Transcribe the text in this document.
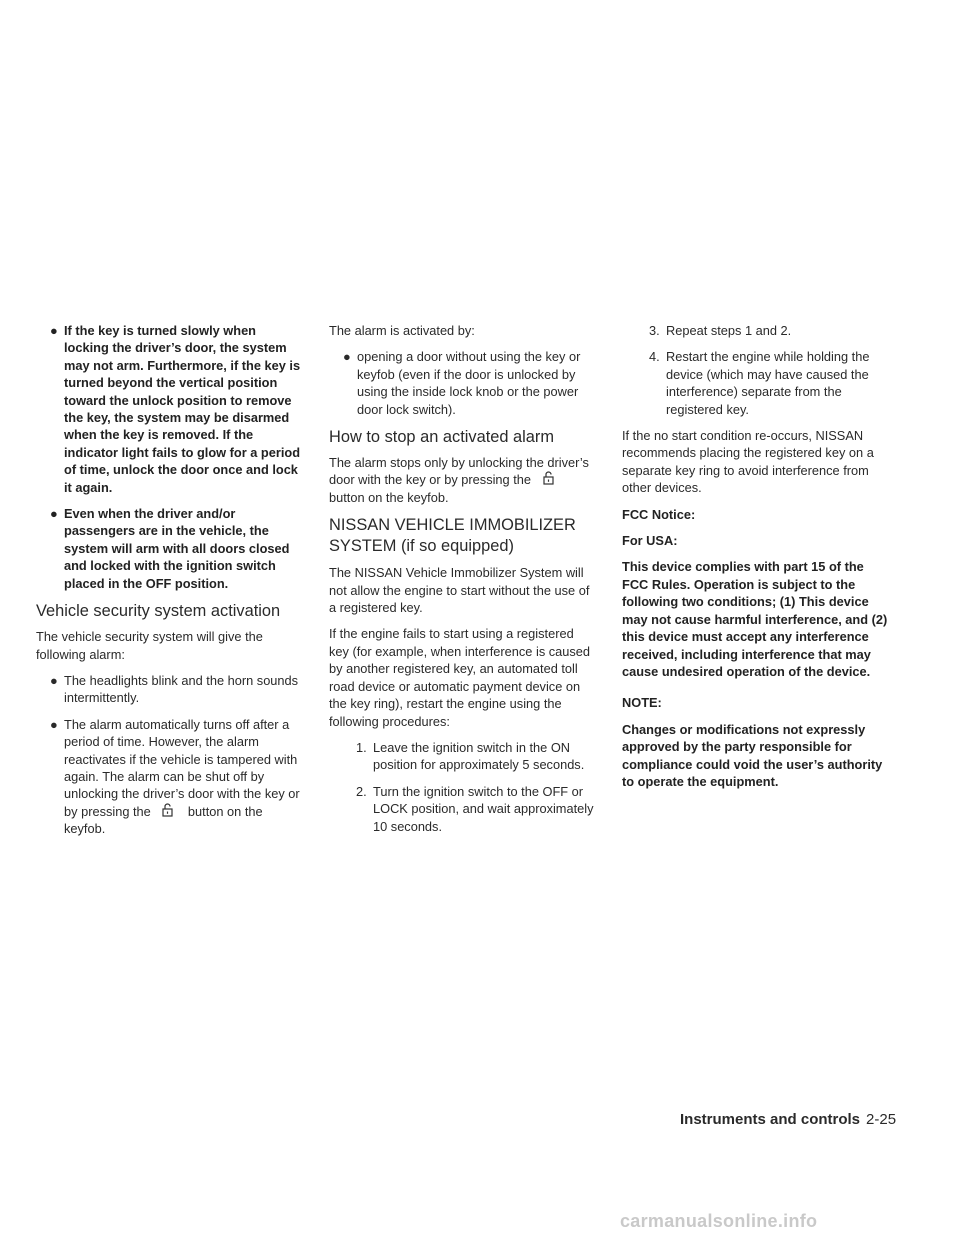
● If the key is turned slowly when locking the driver’s door, the system may not arm. Furthermore, if the key is turned beyond the vertical position toward the unlock position to remove the key, the system may be disarmed when the key is removed. If the indicator light fails to glow for a period of time, unlock the door once and lock it again.
● Even when the driver and/or passengers are in the vehicle, the system will arm with all doors closed and locked with the ignition switch placed in the OFF position.
Vehicle security system activation

The vehicle security system will give the following alarm:

● The headlights blink and the horn sounds intermittently.
● The alarm automatically turns off after a period of time. However, the alarm reactivates if the vehicle is tampered with again. The alarm can be shut off by unlocking the driver’s door with the key or by pressing the	button on the keyfob.

The alarm is activated by:

● opening a door without using the key or keyfob (even if the door is unlocked by using the inside lock knob or the power door lock switch).
How to stop an activated alarm

The alarm stops only by unlocking the driver’s door with the key or by pressing the  button on the keyfob.

NISSAN VEHICLE IMMOBILIZER SYSTEM (if so equipped)

The NISSAN Vehicle Immobilizer System will not allow the engine to start without the use of a registered key.

If the engine fails to start using a registered key (for example, when interference is caused by another registered key, an automated toll road device or automatic payment device on the key ring), restart the engine using the following procedures:

1. Leave the ignition switch in the ON position for approximately 5 seconds.
2. Turn the ignition switch to the OFF or LOCK position, and wait approximately 10 seconds.
3. Repeat steps 1 and 2.
4. Restart the engine while holding the device (which may have caused the interference) separate from the registered key.

If the no start condition re-occurs, NISSAN recommends placing the registered key on a separate key ring to avoid interference from other devices.

FCC Notice:

For USA:

This device complies with part 15 of the FCC Rules. Operation is subject to the following two conditions; (1) This device may not cause harmful interference, and (2) this device must accept any interference received, including interference that may cause undesired operation of the device.

NOTE:

Changes or modifications not expressly approved by the party responsible for compliance could void the user’s authority to operate the equipment.

Instruments and controls 2-25
carmanualsonline.info
